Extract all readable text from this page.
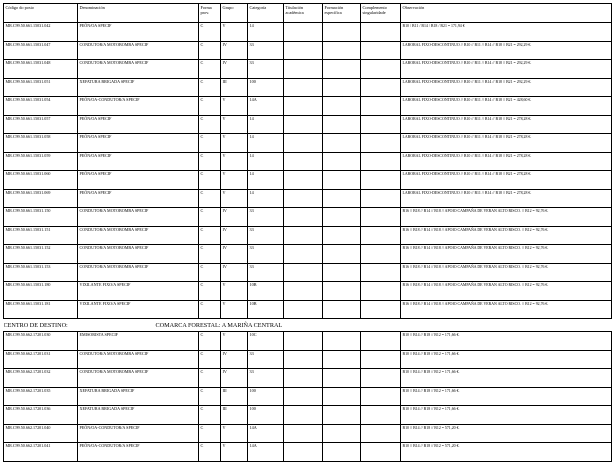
Código do posto	Denominación	Forma prov.	Grupo	Categoría	Titulación académica	Formación específica	Complemento singularidade	Observación
MR.C99.50.661.15031.042	PEÓN/OA SPECIF	C	V	14				B10 / B11 / B14 / B18 / B21 = 171,94 €
MR.C99.50.661.15031.047	CONDUTOR/A MOTOBOMBA SPECIF	C	IV	33				LABORAL FIXO-DESCONTINUO // B10 // B11 // B14 // B18 // B21 = 292,29 €.
MR.C99.50.661.15031.048	CONDUTOR/A MOTOBOMBA SPECIF	C	IV	33				LABORAL FIXO-DESCONTINUO // B10 // B11 // B14 // B18 // B21 = 292,29 €.
MR.C99.50.661.15031.051	XEFATURA BRIGADA SPECIF	C	III	100				LABORAL FIXO-DESCONTINUO // B10 // B11 // B14 // B18 // B21 = 292,29 €.
MR.C99.50.661.15031.054	PEÓN/OA-CONDUTOR/A SPECIF	C	V	14A				LABORAL FIXO-DESCONTINUO // B10 // B11 // B14 // B18 // B21 = 428,60 €.
MR.C99.50.661.15031.057	PEÓN/OA SPECIF	C	V	14				LABORAL FIXO-DESCONTINUO // B10 // B11 // B14 // B18 // B21 = 278,28 €.
MR.C99.50.661.15031.058	PEÓN/OA SPECIF	C	V	14				LABORAL FIXO-DESCONTINUO // B10 // B11 // B14 // B18 // B21 = 278,28 €.
MR.C99.50.661.15031.059	PEÓN/OA SPECIF	C	V	14				LABORAL FIXO-DESCONTINUO // B10 // B11 // B14 // B18 // B21 = 278,28 €.
MR.C99.50.661.15031.060	PEÓN/OA SPECIF	C	V	14				LABORAL FIXO-DESCONTINUO // B10 // B11 // B14 // B18 // B21 = 278,28 €.
MR.C99.50.661.15031.069	PEÓN/OA SPECIF	C	V	14				LABORAL FIXO-DESCONTINUO // B10 // B11 // B14 // B18 // B21 = 278,28 €.
MR.C99.50.661.15031.150	CONDUTOR/A MOTOBOMBA SPECIF	C	IV	33				B16 // B18 // B14 // B18 // APOIO CAMPAÑA DE VERAN ALTO RISCO. // B12 = 92,76 €.
MR.C99.50.661.15031.151	CONDUTOR/A MOTOBOMBA SPECIF	C	IV	33				B16 // B18 // B14 // B18 // APOIO CAMPAÑA DE VERAN ALTO RISCO. // B12 = 92,76 €.
MR.C99.50.661.15031.152	CONDUTOR/A MOTOBOMBA SPECIF	C	IV	33				B16 // B18 // B14 // B18 // APOIO CAMPAÑA DE VERAN ALTO RISCO. // B12 = 92,76 €.
MR.C99.50.661.15031.153	CONDUTOR/A MOTOBOMBA SPECIF	C	IV	33				B16 // B18 // B14 // B18 // APOIO CAMPAÑA DE VERAN ALTO RISCO. // B12 = 92,76 €.
MR.C99.50.661.15031.180	VIXILANTE FIXO/A SPECIF	C	V	10B				B16 // B18 // B14 // B18 // APOIO CAMPAÑA DE VERAN ALTO RISCO. // B12 = 92,76 €.
MR.C99.50.661.15031.181	VIXILANTE FIXO/A SPECIF	C	V	10B				B16 // B18 // B14 // B18 // APOIO CAMPAÑA DE VERAN ALTO RISCO. // B12 = 92,76 €.

CENTRO DE DESTINO: COMARCA FORESTAL: A MARIÑA CENTRAL								

MR.C99.50.662.17201.030	EMISORISTA SPECIF	C	V	10C				B10 // B14 // B18 // B12 = 171,66 €.
MR.C99.50.662.17201.031	CONDUTOR/A MOTOBOMBA SPECIF	C	IV	33				B10 // B14 // B18 // B12 = 171,66 €.
MR.C99.50.662.17201.032	CONDUTOR/A MOTOBOMBA SPECIF	C	IV	33				B10 // B14 // B18 // B12 = 171,66 €.
MR.C99.50.662.17201.035	XEFATURA BRIGADA SPECIF	C	III	100				B10 // B14 // B18 // B12 = 171,66 €.
MR.C99.50.662.17201.036	XEFATURA BRIGADA SPECIF	C	III	100				B10 // B14 // B18 // B12 = 171,66 €.
MR.C99.50.662.17201.040	PEÓN/OA-CONDUTOR/A SPECIF	C	V	14A				B10 // B14 // B18 // B12 = 571,20 €.
MR.C99.50.662.17201.041	PEÓN/OA-CONDUTOR/A SPECIF	C	V	14A				B10 // B14 // B18 // B12 = 571,20 €.
